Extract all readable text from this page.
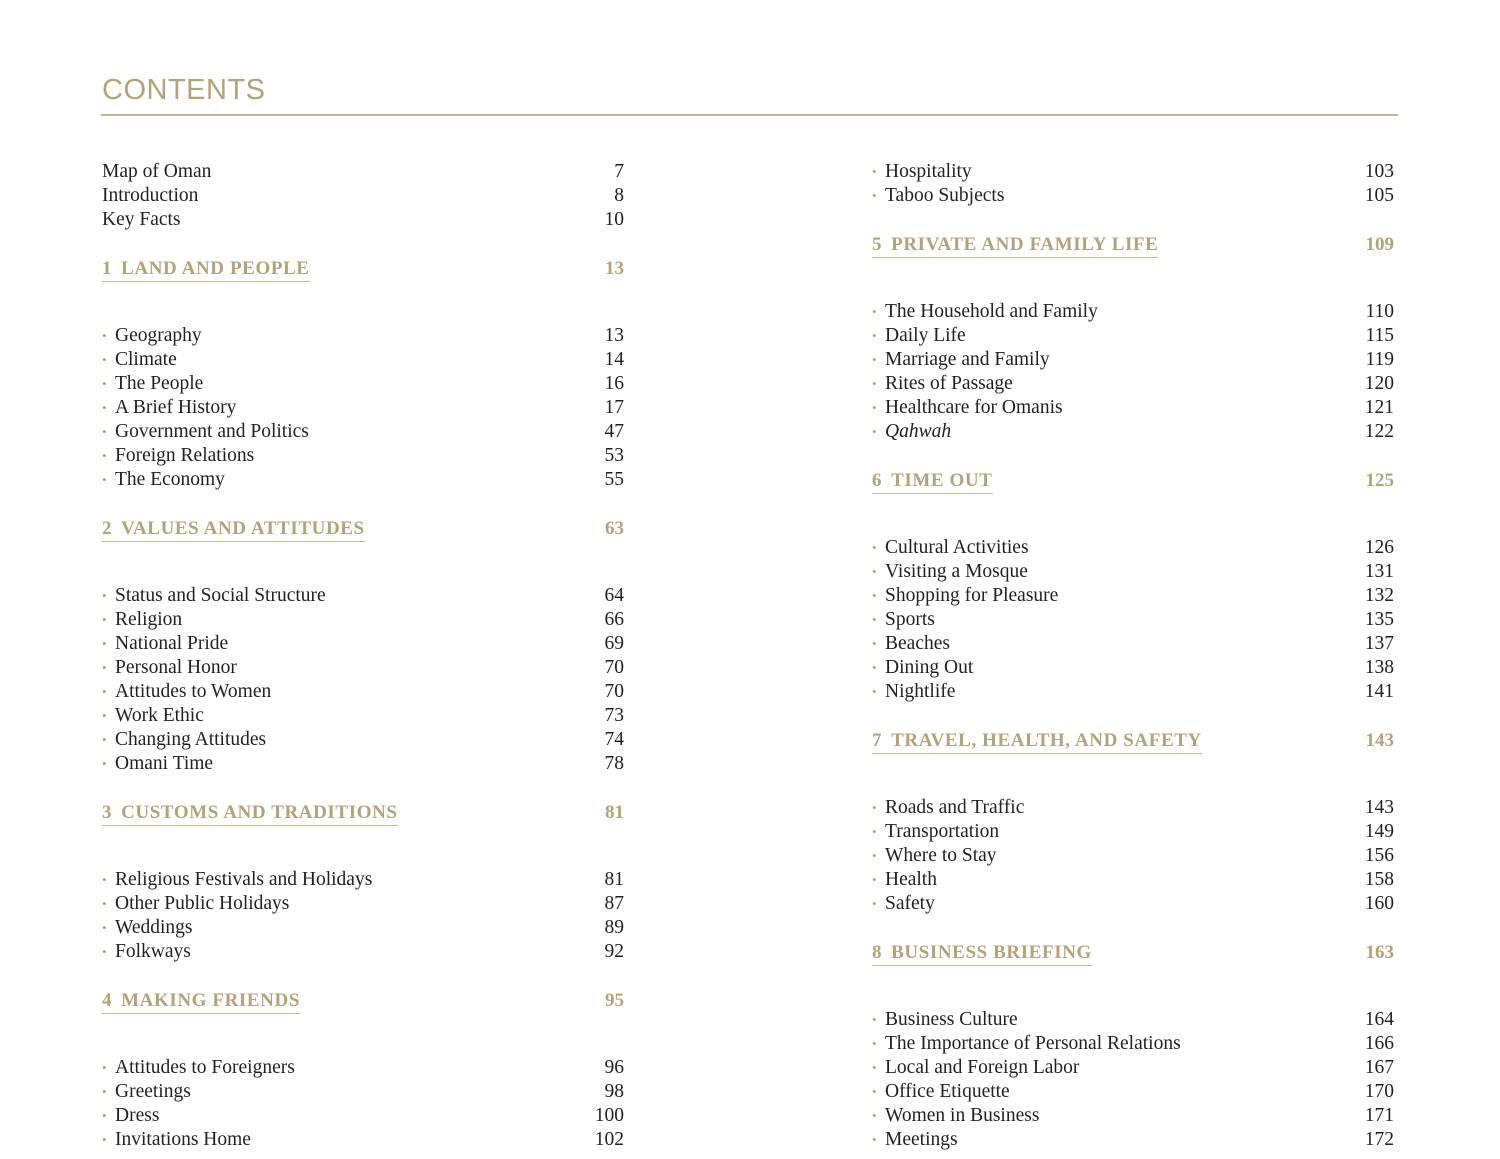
CONTENTS
Map of Oman	7
Introduction	8
Key Facts	10
1 LAND AND PEOPLE	13
• Geography	13
• Climate	14
• The People	16
• A Brief History	17
• Government and Politics	47
• Foreign Relations	53
• The Economy	55
2 VALUES AND ATTITUDES	63
• Status and Social Structure	64
• Religion	66
• National Pride	69
• Personal Honor	70
• Attitudes to Women	70
• Work Ethic	73
• Changing Attitudes	74
• Omani Time	78
3 CUSTOMS AND TRADITIONS	81
• Religious Festivals and Holidays	81
• Other Public Holidays	87
• Weddings	89
• Folkways	92
4 MAKING FRIENDS	95
• Attitudes to Foreigners	96
• Greetings	98
• Dress	100
• Invitations Home	102
• Hospitality	103
• Taboo Subjects	105
5 PRIVATE AND FAMILY LIFE	109
• The Household and Family	110
• Daily Life	115
• Marriage and Family	119
• Rites of Passage	120
• Healthcare for Omanis	121
• Qahwah	122
6 TIME OUT	125
• Cultural Activities	126
• Visiting a Mosque	131
• Shopping for Pleasure	132
• Sports	135
• Beaches	137
• Dining Out	138
• Nightlife	141
7 TRAVEL, HEALTH, AND SAFETY	143
• Roads and Traffic	143
• Transportation	149
• Where to Stay	156
• Health	158
• Safety	160
8 BUSINESS BRIEFING	163
• Business Culture	164
• The Importance of Personal Relations	166
• Local and Foreign Labor	167
• Office Etiquette	170
• Women in Business	171
• Meetings	172
